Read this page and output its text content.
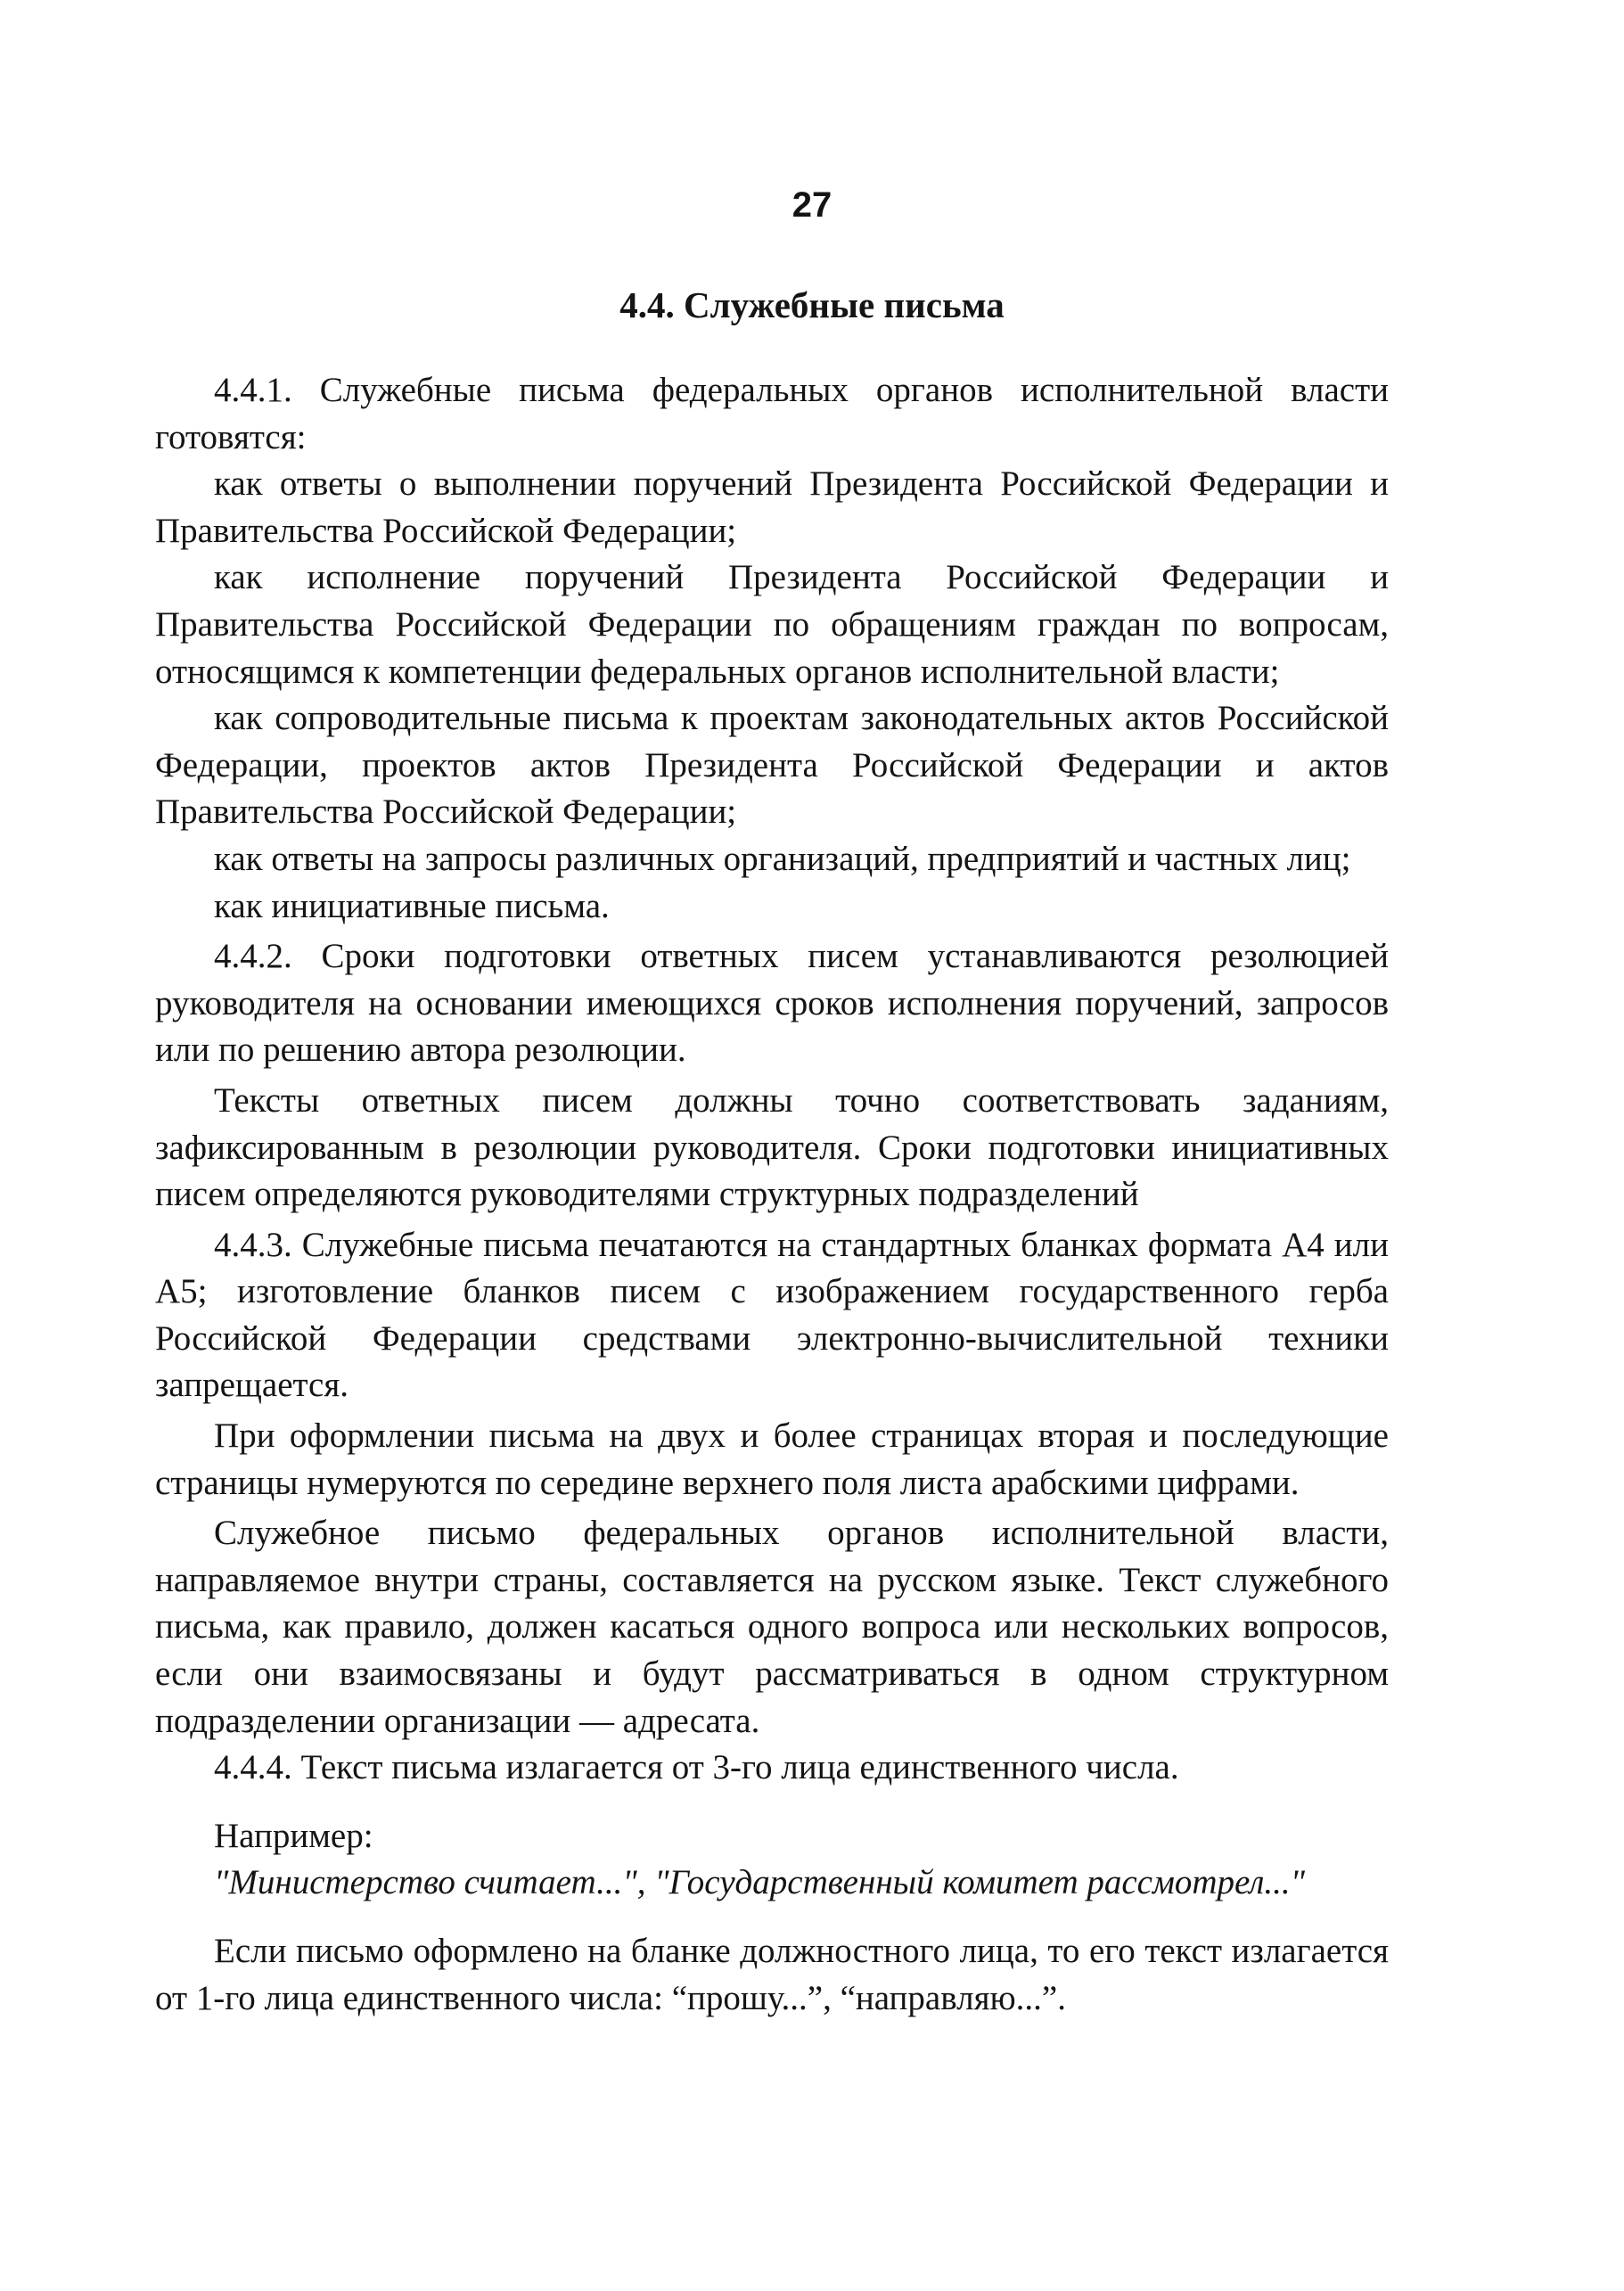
27
4.4. Служебные письма

4.4.1. Служебные письма федеральных органов исполнительной власти готовятся:

как ответы о выполнении поручений Президента Российской Федерации и Правительства Российской Федерации;

как исполнение поручений Президента Российской Федерации и Правительства Российской Федерации по обращениям граждан по вопросам, относящимся к компетенции федеральных органов исполнительной власти;

как сопроводительные письма к проектам законодательных актов Российской Федерации, проектов актов Президента Российской Федерации и актов Правительства Российской Федерации;

как ответы на запросы различных организаций, предприятий и частных лиц;

как инициативные письма.

4.4.2. Сроки подготовки ответных писем устанавливаются резолюцией руководителя на основании имеющихся сроков исполнения поручений, запросов или по решению автора резолюции.

Тексты ответных писем должны точно соответствовать заданиям, зафиксированным в резолюции руководителя. Сроки подготовки инициативных писем определяются руководителями структурных подразделений

4.4.3. Служебные письма печатаются на стандартных бланках формата А4 или А5; изготовление бланков писем с изображением государственного герба Российской Федерации средствами электронно-вычислительной техники запрещается.

При оформлении письма на двух и более страницах вторая и последующие страницы нумеруются по середине верхнего поля листа арабскими цифрами.

Служебное письмо федеральных органов исполнительной власти, направляемое внутри страны, составляется на русском языке. Текст служебного письма, как правило, должен касаться одного вопроса или нескольких вопросов, если они взаимосвязаны и будут рассматриваться в одном структурном подразделении организации — адресата.

4.4.4. Текст письма излагается от 3-го лица единственного числа.

Например:

"Министерство считает...", "Государственный комитет рассмотрел..."

Если письмо оформлено на бланке должностного лица, то его текст излагается от 1-го лица единственного числа: “прошу...”, “направляю...”.
